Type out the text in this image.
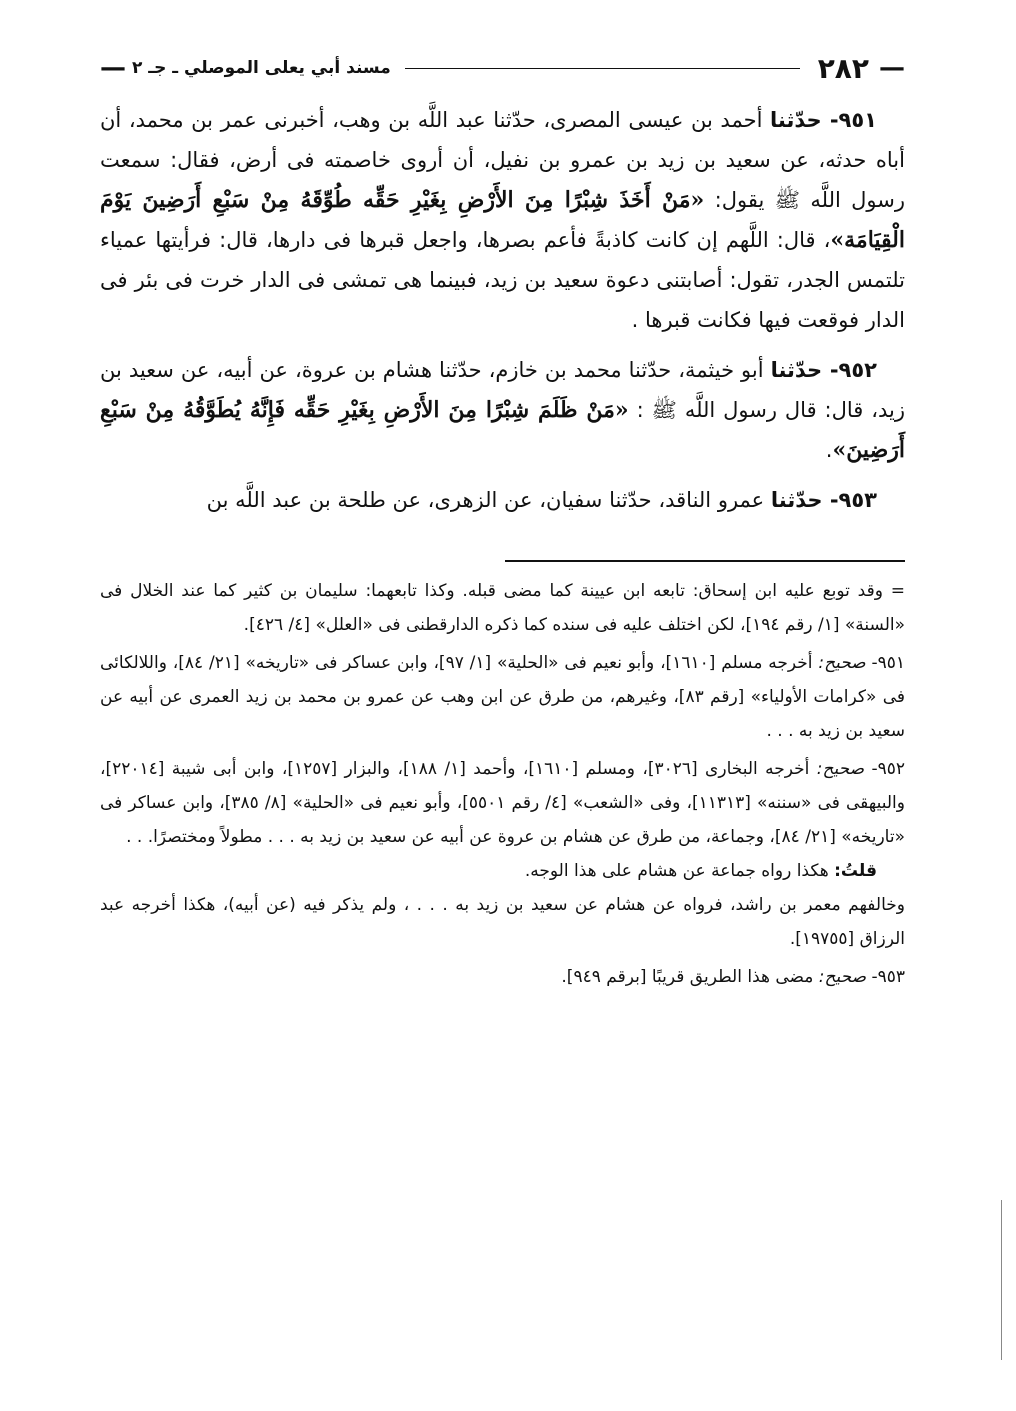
—
٢٨٢
مسند أبي يعلى الموصلي ـ جـ ٢
—

٩٥١- حدّثنا أحمد بن عيسى المصرى، حدّثنا عبد اللَّه بن وهب، أخبرنى عمر بن محمد، أن أباه حدثه، عن سعيد بن زيد بن عمرو بن نفيل، أن أروى خاصمته فى أرض، فقال: سمعت رسول اللَّه ﷺ يقول: «مَنْ أَخَذَ شِبْرًا مِنَ الأَرْضِ بِغَيْرِ حَقِّه طُوِّقَهُ مِنْ سَبْعِ أَرَضِينَ يَوْمَ الْقِيَامَة»، قال: اللَّهم إن كانت كاذبةً فأعم بصرها، واجعل قبرها فى دارها، قال: فرأيتها عمياء تلتمس الجدر، تقول: أصابتنى دعوة سعيد بن زيد، فبينما هى تمشى فى الدار خرت فى بئر فى الدار فوقعت فيها فكانت قبرها .

٩٥٢- حدّثنا أبو خيثمة، حدّثنا محمد بن خازم، حدّثنا هشام بن عروة، عن أبيه، عن سعيد بن زيد، قال: قال رسول اللَّه ﷺ : «مَنْ ظَلَمَ شِبْرًا مِنَ الأَرْضِ بِغَيْرِ حَقِّه فَإِنَّهُ يُطَوَّقُهُ مِنْ سَبْعِ أَرَضِينَ».

٩٥٣- حدّثنا عمرو الناقد، حدّثنا سفيان، عن الزهرى، عن طلحة بن عبد اللَّه بن

= وقد توبع عليه ابن إسحاق: تابعه ابن عيينة كما مضى قبله. وكذا تابعهما: سليمان بن كثير كما عند الخلال فى «السنة» [١/ رقم ١٩٤]، لكن اختلف عليه فى سنده كما ذكره الدارقطنى فى «العلل» [٤/ ٤٢٦].

٩٥١- صحيح: أخرجه مسلم [١٦١٠]، وأبو نعيم فى «الحلية» [١/ ٩٧]، وابن عساكر فى «تاريخه» [٢١/ ٨٤]، واللالكائى فى «كرامات الأولياء» [رقم ٨٣]، وغيرهم، من طرق عن ابن وهب عن عمرو بن محمد بن زيد العمرى عن أبيه عن سعيد بن زيد به . . .

٩٥٢- صحيح: أخرجه البخارى [٣٠٢٦]، ومسلم [١٦١٠]، وأحمد [١/ ١٨٨]، والبزار [١٢٥٧]، وابن أبى شيبة [٢٢٠١٤]، والبيهقى فى «سننه» [١١٣١٣]، وفى «الشعب» [٤/ رقم ٥٥٠١]، وأبو نعيم فى «الحلية» [٨/ ٣٨٥]، وابن عساكر فى «تاريخه» [٢١/ ٨٤]، وجماعة، من طرق عن هشام بن عروة عن أبيه عن سعيد بن زيد به . . . مطولاً ومختصرًا. . .

قلتُ: هكذا رواه جماعة عن هشام على هذا الوجه.

وخالفهم معمر بن راشد، فرواه عن هشام عن سعيد بن زيد به . . . ، ولم يذكر فيه (عن أبيه)، هكذا أخرجه عبد الرزاق [١٩٧٥٥].

٩٥٣- صحيح: مضى هذا الطريق قريبًا [برقم ٩٤٩].
